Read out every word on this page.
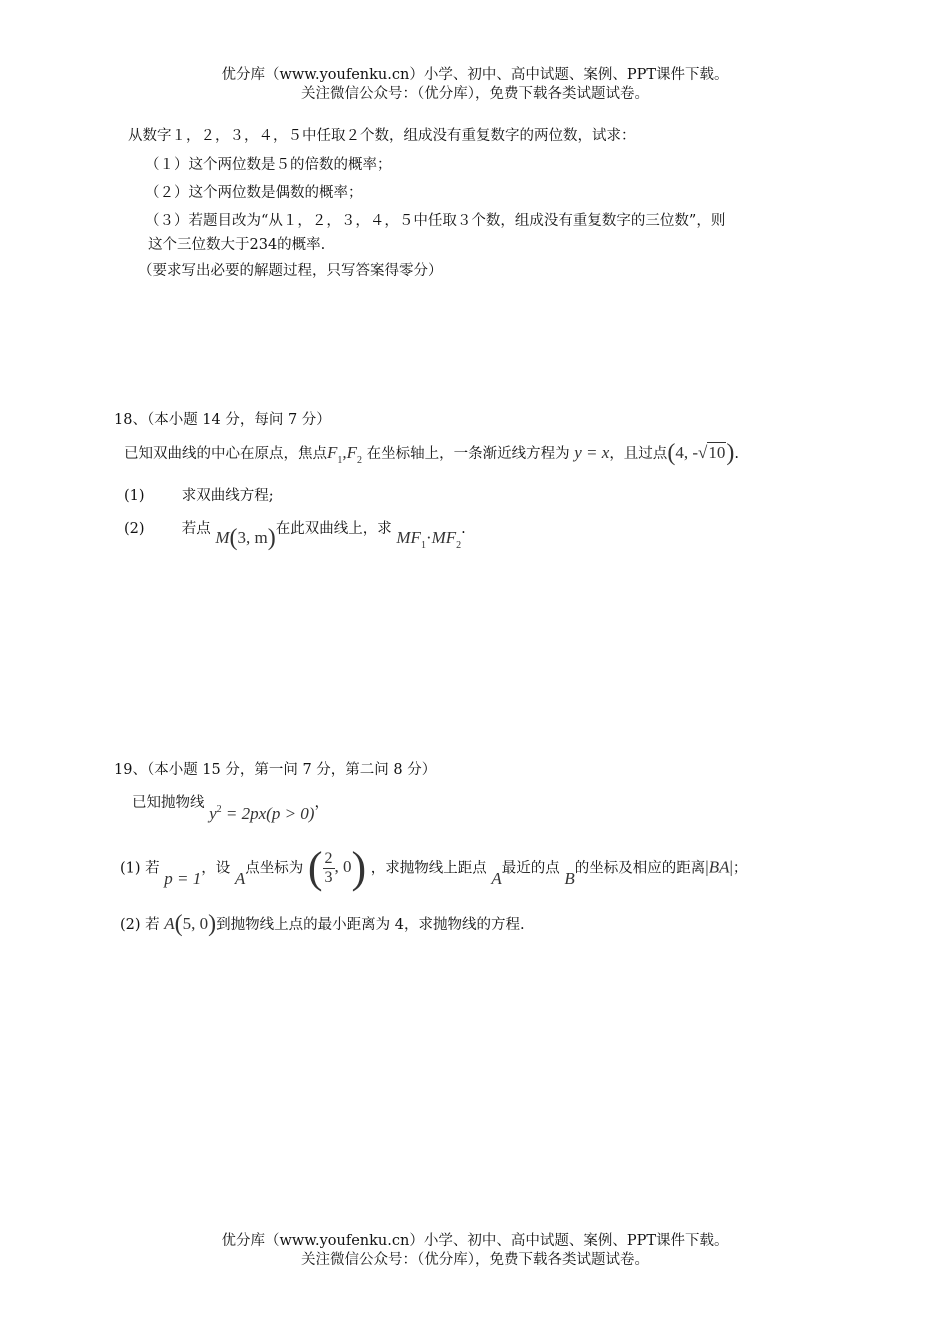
优分库（www.youfenku.cn）小学、初中、高中试题、案例、PPT课件下载。
关注微信公众号：（优分库），免费下载各类试题试卷。
从数字１，２，３，４，５中任取２个数，组成没有重复数字的两位数，试求：
（１）这个两位数是５的倍数的概率；
（２）这个两位数是偶数的概率；
（３）若题目改为“从１，２，３，４，５中任取３个数，组成没有重复数字的三位数”，则
这个三位数大于234的概率.
（要求写出必要的解题过程，只写答案得零分）
18、（本小题 14 分，每问 7 分）
已知双曲线的中心在原点，焦点$F_1,F_2$ 在坐标轴上，一条渐近线方程为 y = x，且过点(4, -√10).
(1)	求双曲线方程;
(2)	若点 M(3, m)在此双曲线上，求 $MF_1\cdot MF_2$.
19、（本小题 15 分，第一问 7 分，第二问 8 分）
已知抛物线 $y^2 = 2px(p > 0)$，
(1) 若 p = 1，设 A点坐标为 ( $\frac{2}{3}$ , 0) ，求抛物线上距点 A最近的点 B的坐标及相应的距离|BA|；
(2) 若 A(5, 0)到抛物线上点的最小距离为 4，求抛物线的方程.
优分库（www.youfenku.cn）小学、初中、高中试题、案例、PPT课件下载。
关注微信公众号：（优分库），免费下载各类试题试卷。
